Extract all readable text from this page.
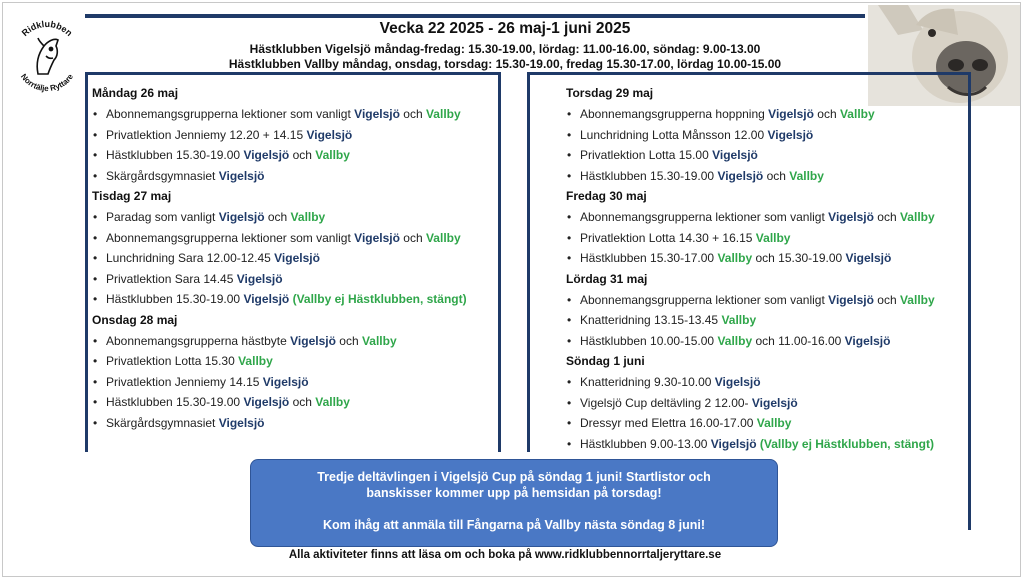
Ridklubben
Norrtälje Ryttare
Vecka 22 2025 - 26 maj-1 juni 2025
Hästklubben Vigelsjö måndag-fredag: 15.30-19.00, lördag: 11.00-16.00, söndag: 9.00-13.00
Hästklubben Vallby måndag, onsdag, torsdag: 15.30-19.00, fredag 15.30-17.00, lördag 10.00-15.00
Måndag 26 maj
• Abonnemangsgrupperna lektioner som vanligt Vigelsjö och Vallby
• Privatlektion Jenniemy 12.20 + 14.15 Vigelsjö
• Hästklubben 15.30-19.00 Vigelsjö och Vallby
• Skärgårdsgymnasiet Vigelsjö
Tisdag 27 maj
• Paradag som vanligt Vigelsjö och Vallby
• Abonnemangsgrupperna lektioner som vanligt Vigelsjö och Vallby
• Lunchridning Sara 12.00-12.45 Vigelsjö
• Privatlektion Sara 14.45 Vigelsjö
• Hästklubben 15.30-19.00 Vigelsjö (Vallby ej Hästklubben, stängt)
Onsdag 28 maj
• Abonnemangsgrupperna hästbyte Vigelsjö och Vallby
• Privatlektion Lotta 15.30 Vallby
• Privatlektion Jenniemy 14.15 Vigelsjö
• Hästklubben 15.30-19.00 Vigelsjö och Vallby
• Skärgårdsgymnasiet Vigelsjö
Torsdag 29 maj
• Abonnemangsgrupperna hoppning Vigelsjö och Vallby
• Lunchridning Lotta Månsson 12.00 Vigelsjö
• Privatlektion Lotta 15.00 Vigelsjö
• Hästklubben 15.30-19.00 Vigelsjö och Vallby
Fredag 30 maj
• Abonnemangsgrupperna lektioner som vanligt Vigelsjö och Vallby
• Privatlektion Lotta 14.30 + 16.15 Vallby
• Hästklubben 15.30-17.00 Vallby och 15.30-19.00 Vigelsjö
Lördag 31 maj
• Abonnemangsgrupperna lektioner som vanligt Vigelsjö och Vallby
• Knatteridning 13.15-13.45 Vallby
• Hästklubben 10.00-15.00 Vallby och 11.00-16.00 Vigelsjö
Söndag 1 juni
• Knatteridning 9.30-10.00 Vigelsjö
• Vigelsjö Cup deltävling 2 12.00- Vigelsjö
• Dressyr med Elettra 16.00-17.00 Vallby
• Hästklubben 9.00-13.00 Vigelsjö (Vallby ej Hästklubben, stängt)
Tredje deltävlingen i Vigelsjö Cup på söndag 1 juni! Startlistor och
banskisser kommer upp på hemsidan på torsdag!
Kom ihåg att anmäla till Fångarna på Vallby nästa söndag 8 juni!
Alla aktiviteter finns att läsa om och boka på www.ridklubbennorrtaljeryttare.se
